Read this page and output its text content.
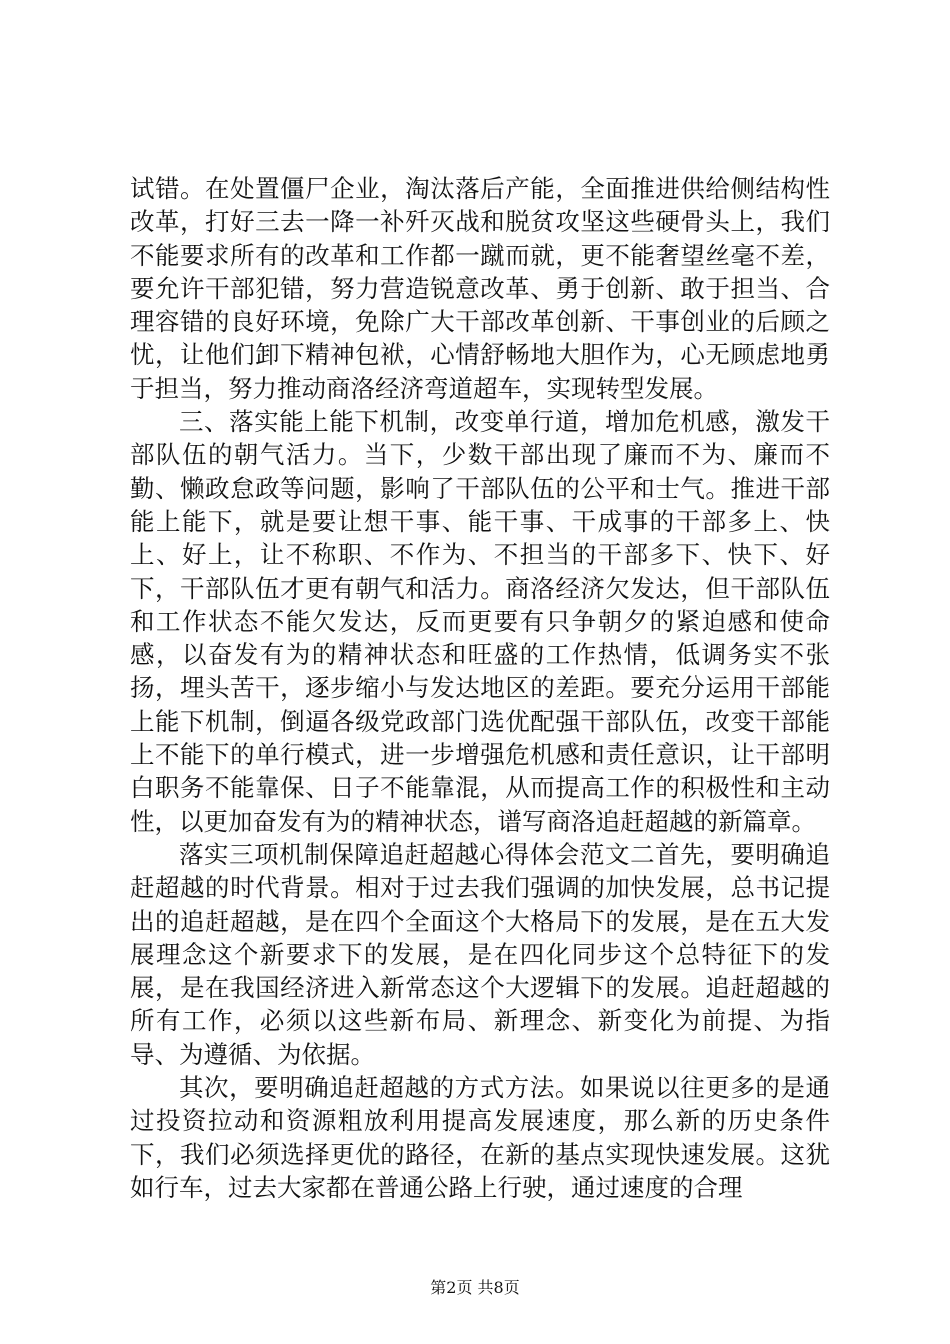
试错。在处置僵尸企业，淘汰落后产能，全面推进供给侧结构性改革，打好三去一降一补歼灭战和脱贫攻坚这些硬骨头上，我们不能要求所有的改革和工作都一蹴而就，更不能奢望丝毫不差，要允许干部犯错，努力营造锐意改革、勇于创新、敢于担当、合理容错的良好环境，免除广大干部改革创新、干事创业的后顾之忧，让他们卸下精神包袱，心情舒畅地大胆作为，心无顾虑地勇于担当，努力推动商洛经济弯道超车，实现转型发展。

三、落实能上能下机制，改变单行道，增加危机感，激发干部队伍的朝气活力。当下，少数干部出现了廉而不为、廉而不勤、懒政怠政等问题，影响了干部队伍的公平和士气。推进干部能上能下，就是要让想干事、能干事、干成事的干部多上、快上、好上，让不称职、不作为、不担当的干部多下、快下、好下，干部队伍才更有朝气和活力。商洛经济欠发达，但干部队伍和工作状态不能欠发达，反而更要有只争朝夕的紧迫感和使命感，以奋发有为的精神状态和旺盛的工作热情，低调务实不张扬，埋头苦干，逐步缩小与发达地区的差距。要充分运用干部能上能下机制，倒逼各级党政部门选优配强干部队伍，改变干部能上不能下的单行模式，进一步增强危机感和责任意识，让干部明白职务不能靠保、日子不能靠混，从而提高工作的积极性和主动性，以更加奋发有为的精神状态，谱写商洛追赶超越的新篇章。

落实三项机制保障追赶超越心得体会范文二首先，要明确追赶超越的时代背景。相对于过去我们强调的加快发展，总书记提出的追赶超越，是在四个全面这个大格局下的发展，是在五大发展理念这个新要求下的发展，是在四化同步这个总特征下的发展，是在我国经济进入新常态这个大逻辑下的发展。追赶超越的所有工作，必须以这些新布局、新理念、新变化为前提、为指导、为遵循、为依据。

其次，要明确追赶超越的方式方法。如果说以往更多的是通过投资拉动和资源粗放利用提高发展速度，那么新的历史条件下，我们必须选择更优的路径，在新的基点实现快速发展。这犹如行车，过去大家都在普通公路上行驶，通过速度的合理

第2页 共8页
